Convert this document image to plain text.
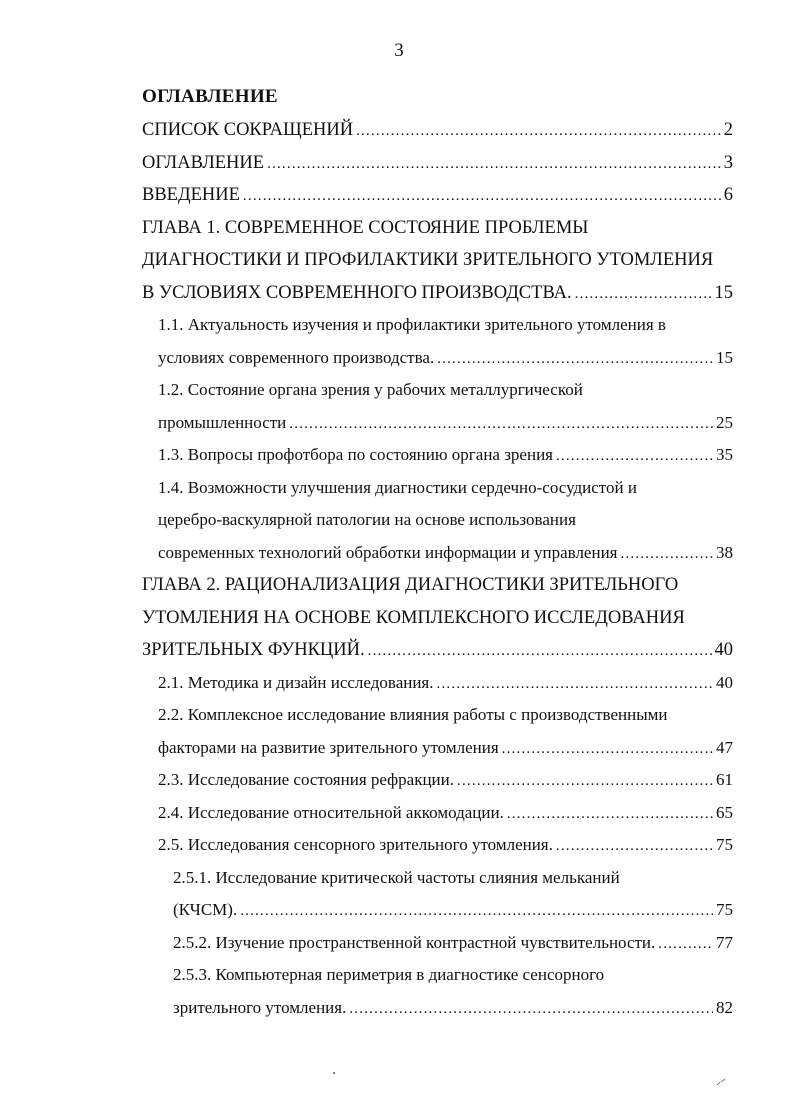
3
ОГЛАВЛЕНИЕ
СПИСОК СОКРАЩЕНИЙ .....	2
ОГЛАВЛЕНИЕ .....	3
ВВЕДЕНИЕ .....	6
ГЛАВА 1. СОВРЕМЕННОЕ СОСТОЯНИЕ ПРОБЛЕМЫ
ДИАГНОСТИКИ И ПРОФИЛАКТИКИ ЗРИТЕЛЬНОГО УТОМЛЕНИЯ
В УСЛОВИЯХ СОВРЕМЕННОГО ПРОИЗВОДСТВА. .....	15
1.1. Актуальность изучения и профилактики зрительного утомления в
условиях современного производства. .....	15
1.2. Состояние органа зрения у рабочих металлургической
промышленности .....	25
1.3. Вопросы профотбора по состоянию органа зрения .....	35
1.4. Возможности улучшения диагностики сердечно-сосудистой и
церебро-васкулярной патологии на основе использования
современных технологий обработки информации и управления .....	38
ГЛАВА 2. РАЦИОНАЛИЗАЦИЯ ДИАГНОСТИКИ ЗРИТЕЛЬНОГО
УТОМЛЕНИЯ НА ОСНОВЕ КОМПЛЕКСНОГО ИССЛЕДОВАНИЯ
ЗРИТЕЛЬНЫХ ФУНКЦИЙ. .....	40
2.1. Методика и дизайн исследования. .....	40
2.2. Комплексное исследование влияния работы с производственными
факторами на развитие зрительного утомления .....	47
2.3. Исследование состояния рефракции. .....	61
2.4. Исследование относительной аккомодации. .....	65
2.5. Исследования сенсорного зрительного утомления. .....	75
2.5.1. Исследование критической частоты слияния мельканий
(КЧСМ). .....	75
2.5.2. Изучение пространственной контрастной чувствительности. .....	77
2.5.3. Компьютерная периметрия в диагностике сенсорного
зрительного утомления. .....	82
